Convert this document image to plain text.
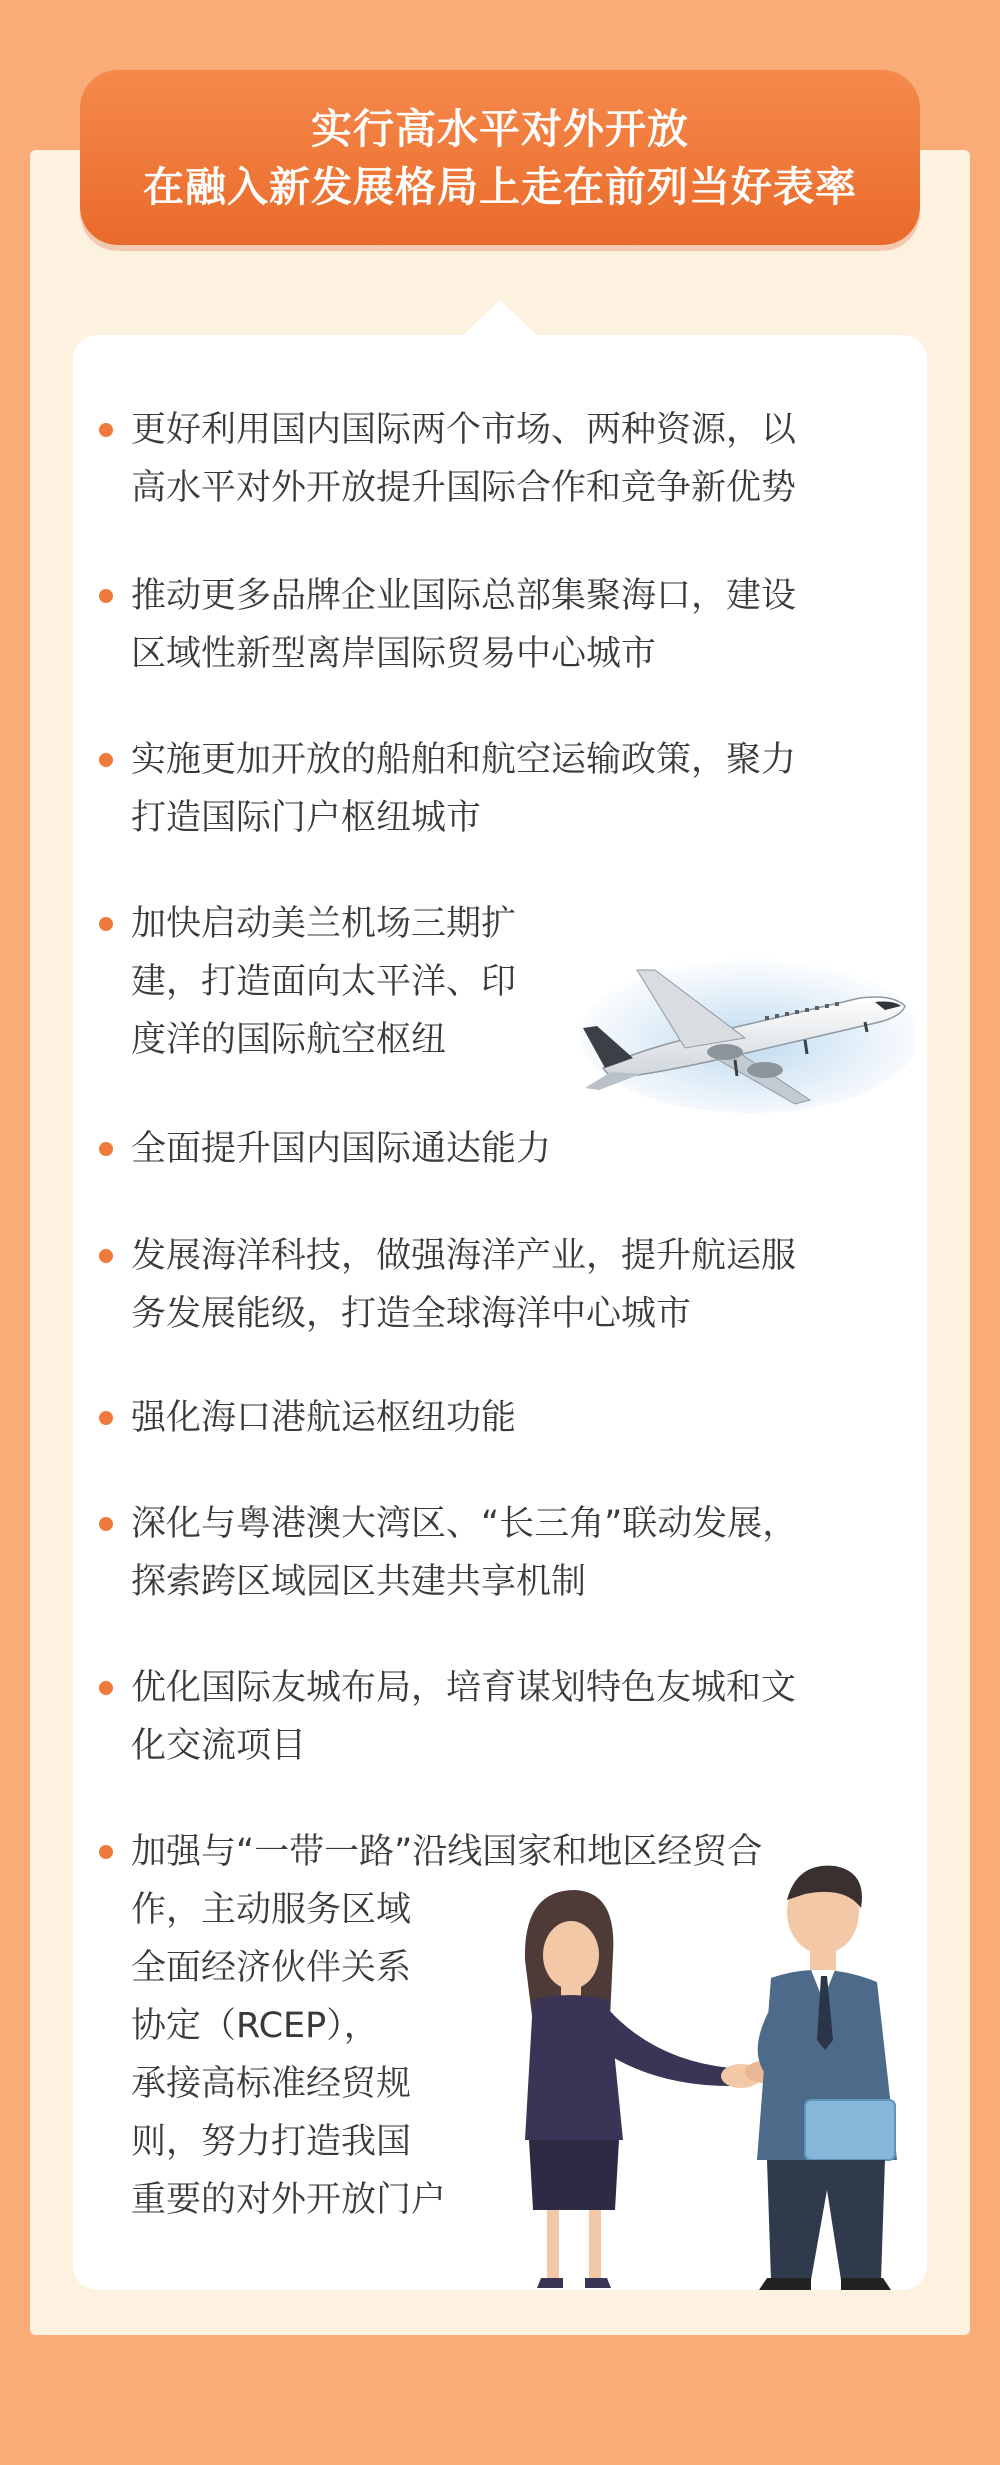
实行高水平对外开放
在融入新发展格局上走在前列当好表率
更好利用国内国际两个市场、两种资源，以
高水平对外开放提升国际合作和竞争新优势
推动更多品牌企业国际总部集聚海口，建设
区域性新型离岸国际贸易中心城市
实施更加开放的船舶和航空运输政策，聚力
打造国际门户枢纽城市
加快启动美兰机场三期扩
建，打造面向太平洋、印
度洋的国际航空枢纽
全面提升国内国际通达能力
发展海洋科技，做强海洋产业，提升航运服
务发展能级，打造全球海洋中心城市
强化海口港航运枢纽功能
深化与粤港澳大湾区、“长三角”联动发展，
探索跨区域园区共建共享机制
优化国际友城布局，培育谋划特色友城和文
化交流项目
加强与“一带一路”沿线国家和地区经贸合
作，主动服务区域
全面经济伙伴关系
协定（RCEP），
承接高标准经贸规
则，努力打造我国
重要的对外开放门户
